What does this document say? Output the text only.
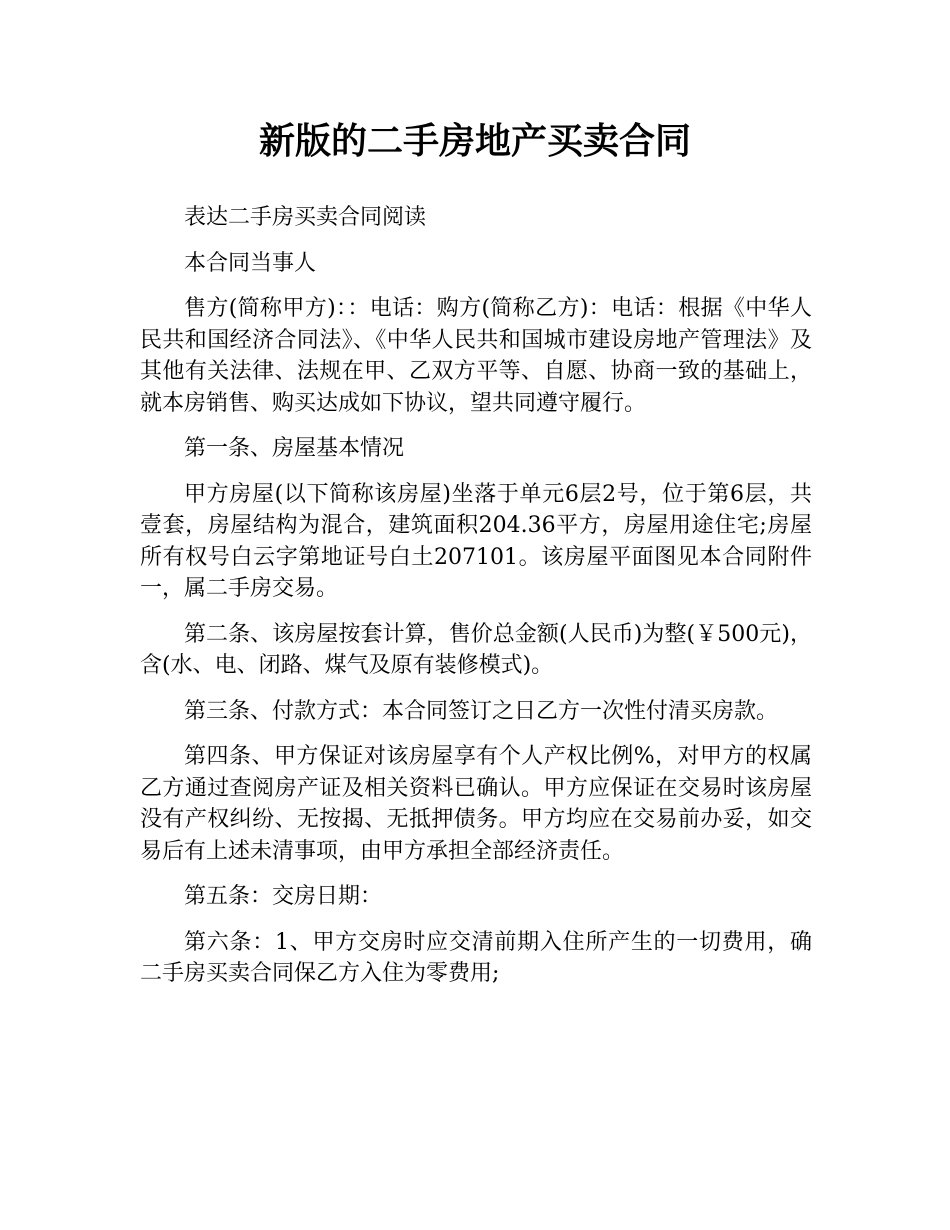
新版的二手房地产买卖合同

表达二手房买卖合同阅读

本合同当事人

售方(简称甲方)：：电话：购方(简称乙方)：电话：根据《中华人民共和国经济合同法》、《中华人民共和国城市建设房地产管理法》及其他有关法律、法规在甲、乙双方平等、自愿、协商一致的基础上，就本房销售、购买达成如下协议，望共同遵守履行。

第一条、房屋基本情况

甲方房屋(以下简称该房屋)坐落于单元6层2号，位于第6层，共壹套，房屋结构为混合，建筑面积204.36平方，房屋用途住宅;房屋所有权号白云字第地证号白土207101。该房屋平面图见本合同附件一，属二手房交易。

第二条、该房屋按套计算，售价总金额(人民币)为整(￥500元)，含(水、电、闭路、煤气及原有装修模式)。

第三条、付款方式：本合同签订之日乙方一次性付清买房款。

第四条、甲方保证对该房屋享有个人产权比例%，对甲方的权属乙方通过查阅房产证及相关资料已确认。甲方应保证在交易时该房屋没有产权纠纷、无按揭、无抵押债务。甲方均应在交易前办妥，如交易后有上述未清事项，由甲方承担全部经济责任。

第五条：交房日期：

第六条：1、甲方交房时应交清前期入住所产生的一切费用，确二手房买卖合同保乙方入住为零费用;
